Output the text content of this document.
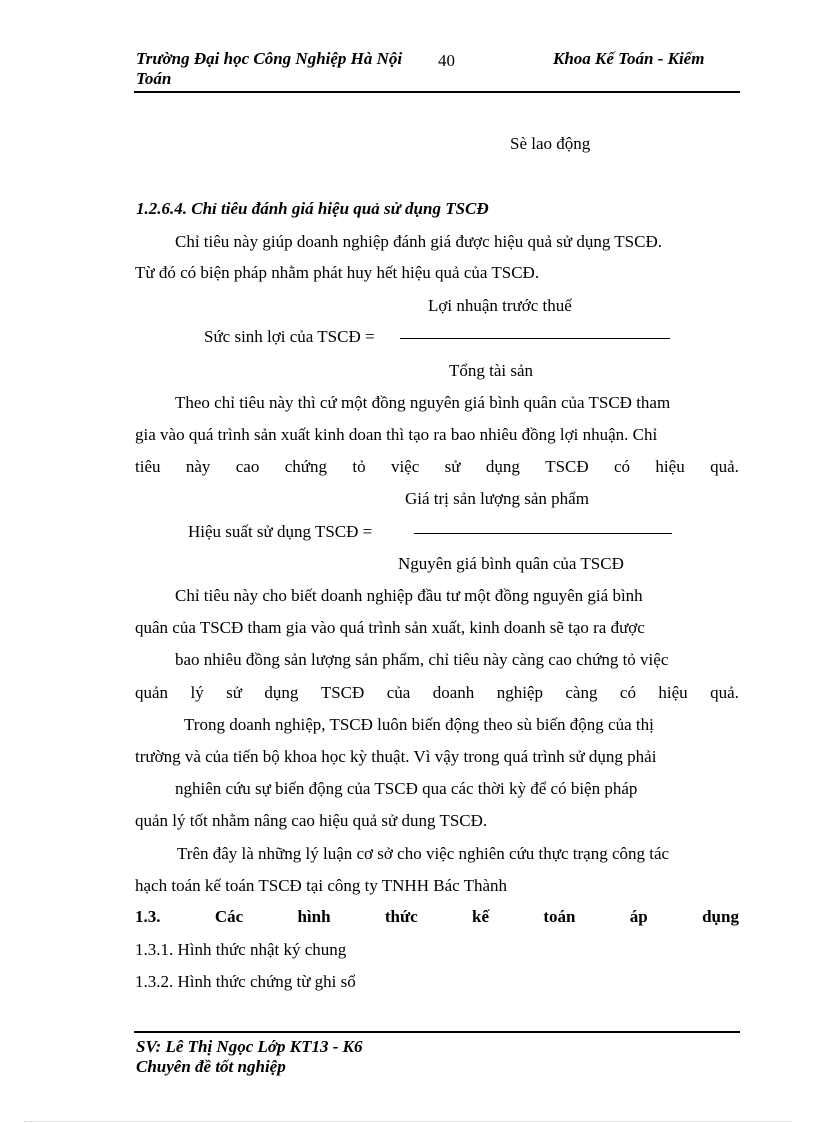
Trường Đại học Công Nghiệp Hà Nội 40	Khoa Kế Toán - Kiểm
Toán
Sè lao động
1.2.6.4. Chỉ tiêu đánh giá hiệu quả sử dụng TSCĐ
Chỉ tiêu này giúp doanh nghiệp đánh giá được hiệu quả sử dụng TSCĐ.
Từ đó có biện pháp nhằm phát huy hết hiệu quả của TSCĐ.
Lợi nhuận trước thuế
Sức sinh lợi của TSCĐ =
Tổng tài sản
Theo chỉ tiêu này thì cứ một đồng nguyên giá bình quân của TSCĐ tham
gia vào quá trình sản xuất kinh doan thì tạo ra bao nhiêu đồng lợi nhuận. Chỉ
tiêu này cao chứng tỏ việc sử dụng TSCĐ có hiệu quả.
Giá trị sản lượng sản phẩm
Hiệu suất sử dụng TSCĐ =
Nguyên giá bình quân của TSCĐ
Chỉ tiêu này cho biết doanh nghiệp đầu tư một đồng nguyên giá bình
quân của TSCĐ tham gia vào quá trình sản xuất, kinh doanh sẽ tạo ra được
bao nhiêu đồng sản lượng sản phẩm, chỉ tiêu này càng cao chứng tỏ việc
quản lý sử dụng TSCĐ của doanh nghiệp càng có hiệu quả.
Trong doanh nghiệp, TSCĐ luôn biến động theo sù biến động của thị
trường và của tiến bộ khoa học kỳ thuật. Vì vậy trong quá trình sử dụng phải
nghiên cứu sự biến động của TSCĐ qua các thời kỳ để có biện pháp
quản lý tốt nhằm nâng cao hiệu quả sử dung TSCĐ.
Trên đây là những lý luận cơ sở cho việc nghiên cứu thực trạng công tác
hạch toán kế toán TSCĐ tại công ty TNHH Bác Thành
1.3.	Các	hình	thức	kế	toán	áp	dụng
1.3.1. Hình thức nhật ký chung
1.3.2. Hình thức chứng từ ghi sổ
SV: Lê Thị Ngọc Lớp KT13 - K6
Chuyên đề tốt nghiệp
